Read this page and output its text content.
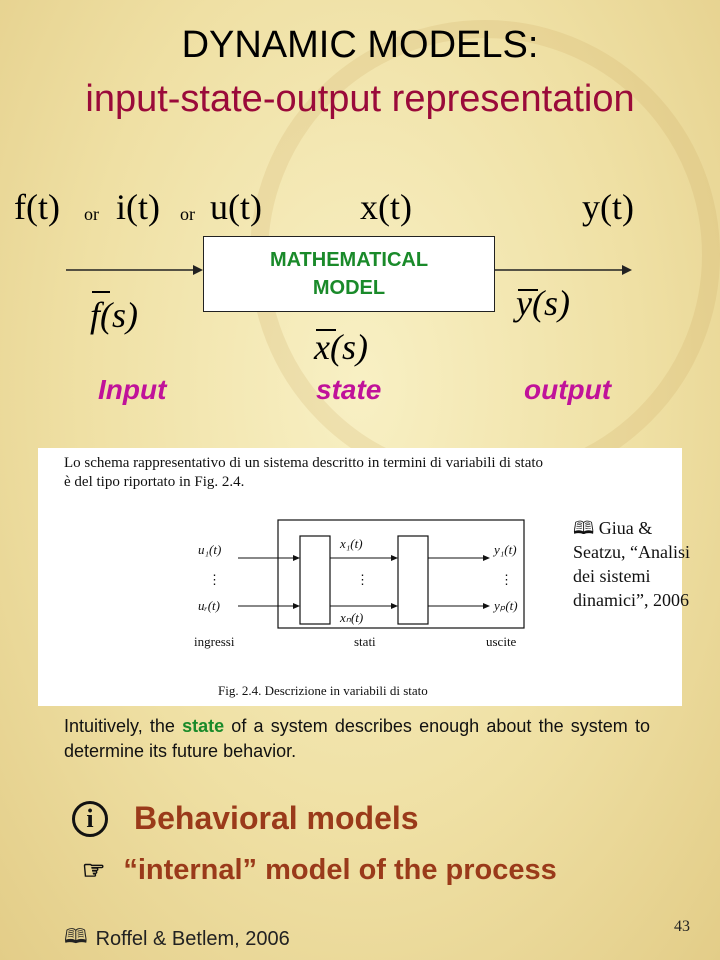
DYNAMIC MODELS:
input-state-output representation
f(t) or i(t) or u(t)	x(t)	y(t)
MATHEMATICAL
MODEL
f(s)
x(s)
y(s)
Input	state	output
Lo schema rappresentativo di un sistema descritto in termini di variabili di stato
è del tipo riportato in Fig. 2.4.
u₁(t)
uᵣ(t)
⋮
x₁(t)
xₙ(t)
⋮
y₁(t)
yₚ(t)
⋮
ingressi	stati	uscite
Fig. 2.4. Descrizione in variabili di stato
🕮 Giua & Seatzu, “Analisi dei sistemi dinamici”, 2006
Intuitively, the state of a system describes enough about the system to determine its future behavior.
i	Behavioral models
☞ “internal” model of the process
🕮 Roffel & Betlem, 2006
43
